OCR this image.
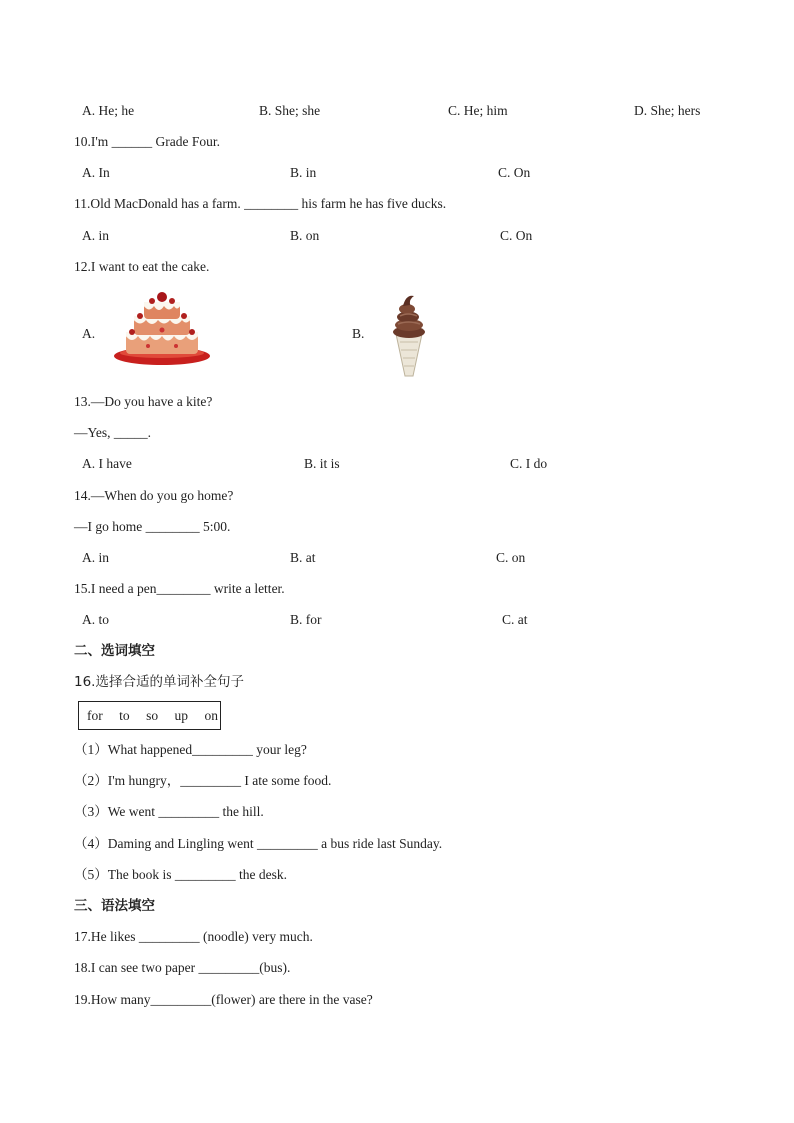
A. He; he	B. She; she	C. He; him	D. She; hers
10.I'm ______ Grade Four.
A. In	B. in	C. On
11.Old MacDonald has a farm. ________ his farm he has five ducks.
A. in	B. on	C. On
12.I want to eat the cake.
A.	B.
13.—Do you have a kite?
—Yes, _____.
A. I have	B. it is	C. I do
14.—When do you go home?
—I go home ________ 5:00.
A. in	B. at	C. on
15.I need a pen________ write a letter.
A. to	B. for	C. at
二、选词填空
16.选择合适的单词补全句子
for to so up on
（1）What happened_________ your leg?
（2）I'm hungry，_________ I ate some food.
（3）We went _________ the hill.
（4）Daming and Lingling went _________ a bus ride last Sunday.
（5）The book is _________ the desk.
三、语法填空
17.He likes _________ (noodle) very much.
18.I can see two paper _________(bus).
19.How many_________(flower) are there in the vase?
